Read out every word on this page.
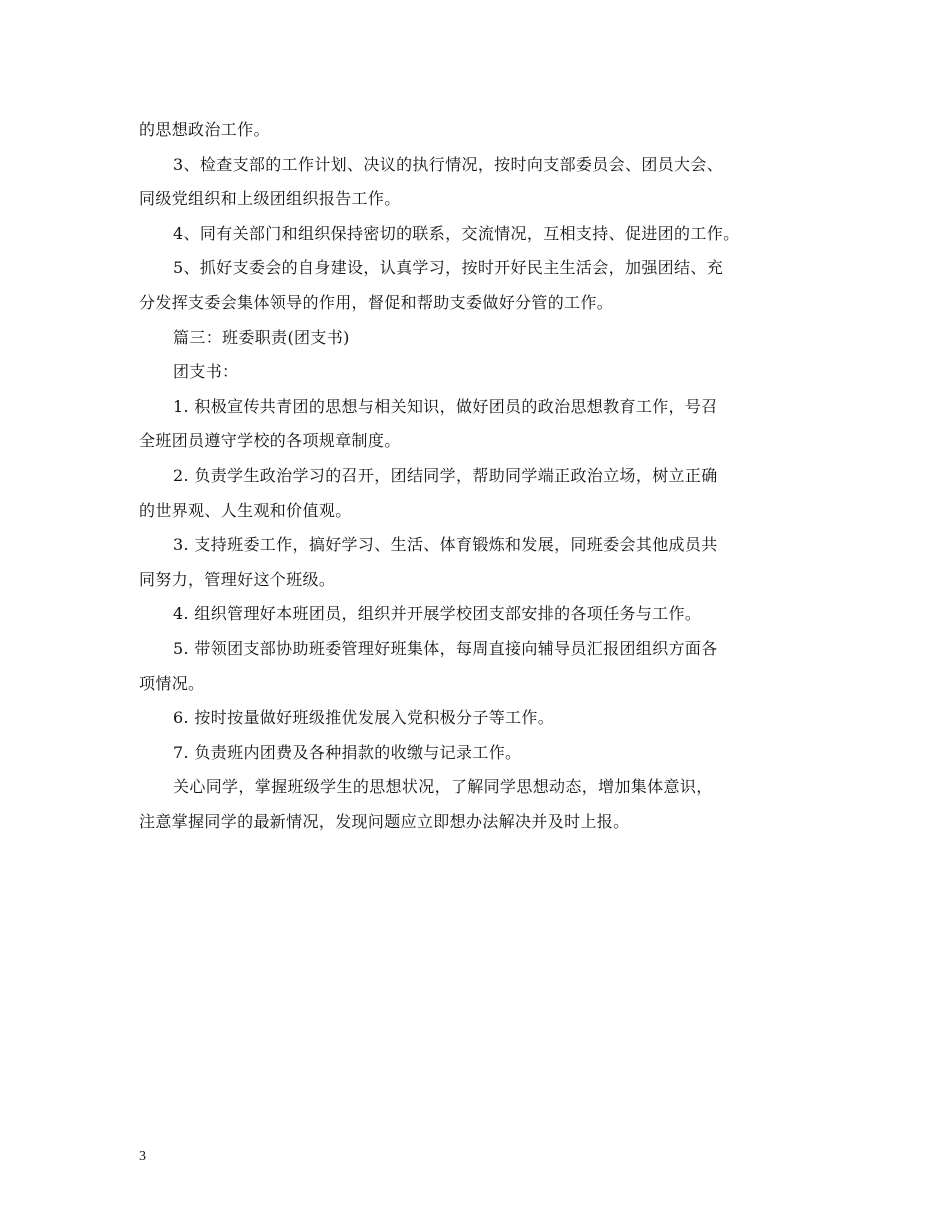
的思想政治工作。
3、检查支部的工作计划、决议的执行情况，按时向支部委员会、团员大会、
同级党组织和上级团组织报告工作。
4、同有关部门和组织保持密切的联系，交流情况，互相支持、促进团的工作。
5、抓好支委会的自身建设，认真学习，按时开好民主生活会，加强团结、充
分发挥支委会集体领导的作用，督促和帮助支委做好分管的工作。
篇三：班委职责(团支书)
团支书：
1. 积极宣传共青团的思想与相关知识，做好团员的政治思想教育工作，号召
全班团员遵守学校的各项规章制度。
2. 负责学生政治学习的召开，团结同学，帮助同学端正政治立场，树立正确
的世界观、人生观和价值观。
3. 支持班委工作，搞好学习、生活、体育锻炼和发展，同班委会其他成员共
同努力，管理好这个班级。
4. 组织管理好本班团员，组织并开展学校团支部安排的各项任务与工作。
5. 带领团支部协助班委管理好班集体，每周直接向辅导员汇报团组织方面各
项情况。
6. 按时按量做好班级推优发展入党积极分子等工作。
7. 负责班内团费及各种捐款的收缴与记录工作。
关心同学，掌握班级学生的思想状况，了解同学思想动态，增加集体意识，
注意掌握同学的最新情况，发现问题应立即想办法解决并及时上报。
3
